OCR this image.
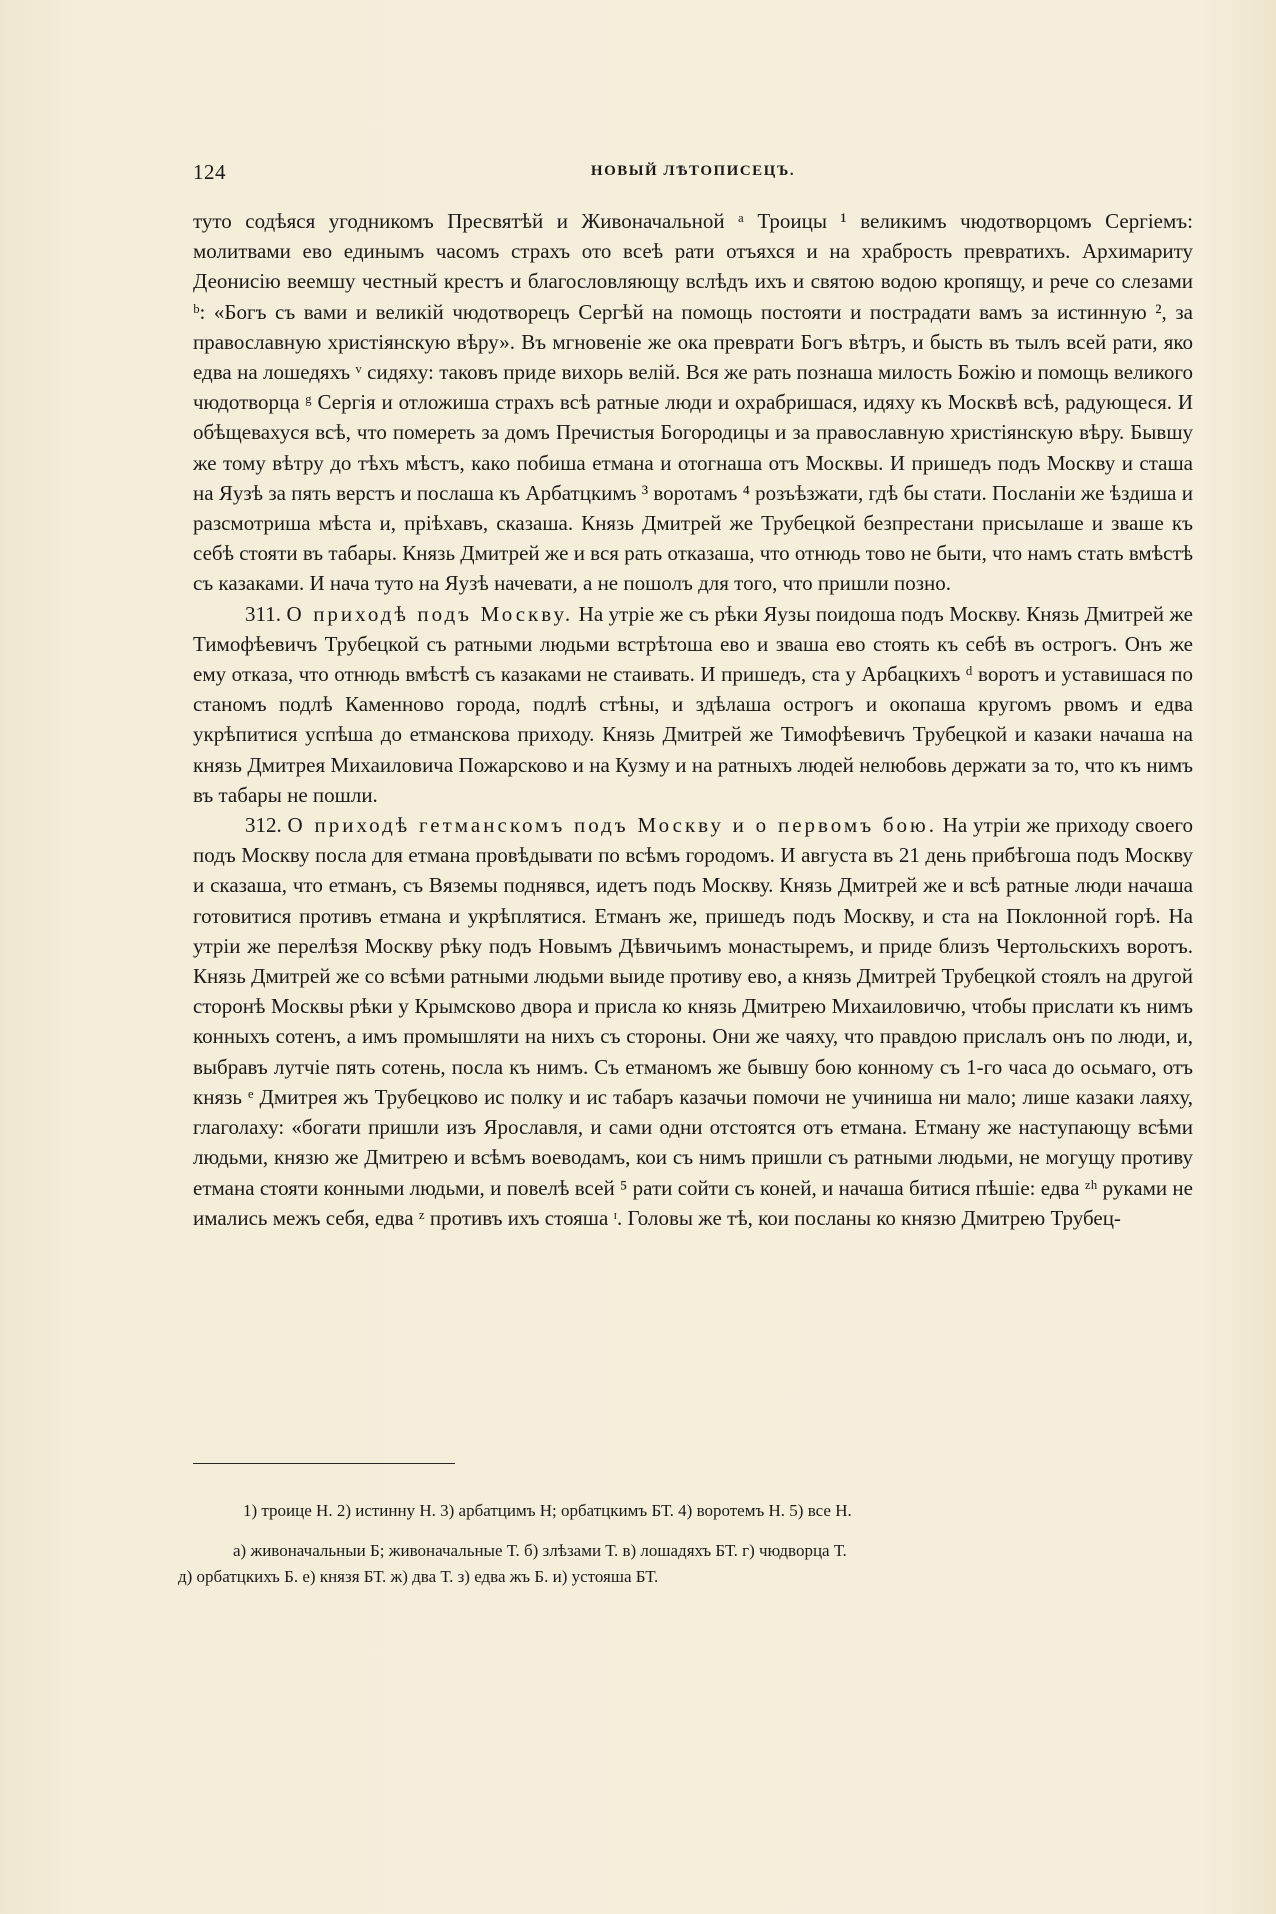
124	НОВЫЙ ЛѢТОПИСЕЦЪ.

туто содѣяся угодникомъ Пресвятѣй и Живоначальной ᵃ Троицы ¹ великимъ чюдотворцомъ Сергіемъ: молитвами ево единымъ часомъ страхъ ото всеѣ рати отъяхся и на храбрость превратихъ. Архимариту Деонисію веемшу честный крестъ и благословляющу вслѣдъ ихъ и святою водою кропящу, и рече со слезами ᵇ: «Богъ съ вами и великій чюдотворецъ Сергѣй на помощь постояти и пострадати вамъ за истинную ², за православную христіянскую вѣру». Въ мгновеніе же ока преврати Богъ вѣтръ, и бысть въ тылъ всей рати, яко едва на лошедяхъ ᵛ сидяху: таковъ приде вихорь велій. Вся же рать познаша милость Божію и помощь великого чюдотворца ᵍ Сергія и отложиша страхъ всѣ ратные люди и охрабришася, идяху къ Москвѣ всѣ, радующеся. И обѣщевахуся всѣ, что помереть за домъ Пречистыя Богородицы и за православную христіянскую вѣру. Бывшу же тому вѣтру до тѣхъ мѣстъ, како побиша етмана и отогнаша отъ Москвы. И пришедъ подъ Москву и сташа на Яузѣ за пять верстъ и послаша къ Арбатцкимъ ³ воротамъ ⁴ розъѣзжати, гдѣ бы стати. Посланіи же ѣздиша и разсмотриша мѣста и, пріѣхавъ, сказаша. Князь Дмитрей же Трубецкой безпрестани присылаше и зваше къ себѣ стояти въ табары. Князь Дмитрей же и вся рать отказаша, что отнюдь тово не быти, что намъ стать вмѣстѣ съ казаками. И нача туто на Яузѣ начевати, а не пошолъ для того, что пришли позно.

311. О приходѣ подъ Москву. На утріе же съ рѣки Яузы поидоша подъ Москву. Князь Дмитрей же Тимофѣевичъ Трубецкой съ ратными людьми встрѣтоша ево и зваша ево стоять къ себѣ въ острогъ. Онъ же ему отказа, что отнюдь вмѣстѣ съ казаками не стаивать. И пришедъ, ста у Арбацкихъ ᵈ воротъ и уставишася по станомъ подлѣ Каменново города, подлѣ стѣны, и здѣлаша острогъ и окопаша кругомъ рвомъ и едва укрѣпитися успѣша до етманскова приходу. Князь Дмитрей же Тимофѣевичъ Трубецкой и казаки начаша на князь Дмитрея Михаиловича Пожарсково и на Кузму и на ратныхъ людей нелюбовь держати за то, что къ нимъ въ табары не пошли.

312. О приходѣ гетманскомъ подъ Москву и о первомъ бою. На утріи же приходу своего подъ Москву посла для етмана провѣдывати по всѣмъ городомъ. И августа въ 21 день прибѣгоша подъ Москву и сказаша, что етманъ, съ Вяземы поднявся, идетъ подъ Москву. Князь Дмитрей же и всѣ ратные люди начаша готовитися противъ етмана и укрѣплятися. Етманъ же, пришедъ подъ Москву, и ста на Поклонной горѣ. На утріи же перелѣзя Москву рѣку подъ Новымъ Дѣвичьимъ монастыремъ, и приде близъ Чертольскихъ воротъ. Князь Дмитрей же со всѣми ратными людьми выиде противу ево, а князь Дмитрей Трубецкой стоялъ на другой сторонѣ Москвы рѣки у Крымсково двора и присла ко князь Дмитрею Михаиловичю, чтобы прислати къ нимъ конныхъ сотенъ, а имъ промышляти на нихъ съ стороны. Они же чаяху, что правдою прислалъ онъ по люди, и, выбравъ лутчіе пять сотень, посла къ нимъ. Съ етманомъ же бывшу бою конному съ 1-го часа до осьмаго, отъ князь ᵉ Дмитрея жъ Трубецково ис полку и ис табаръ казачьи помочи не учиниша ни мало; лише казаки лаяху, глаголаху: «богати пришли изъ Ярославля, и сами одни отстоятся отъ етмана. Етману же наступающу всѣми людьми, князю же Дмитрею и всѣмъ воеводамъ, кои съ нимъ пришли съ ратными людьми, не могущу противу етмана стояти конными людьми, и повелѣ всей ⁵ рати сойти съ коней, и начаша битися пѣшіе: едва ᶻʰ руками не имались межъ себя, едва ᶻ противъ ихъ стояша ᶦ. Головы же тѣ, кои посланы ко князю Дмитрею Трубец-

1) троице Н. 2) истинну Н. 3) арбатцимъ Н; орбатцкимъ БТ. 4) воротемъ Н. 5) все Н.
а) живоначальныи Б; живоначальные Т. б) злѣзами Т. в) лошадяхъ БТ. г) чюдворца Т.
д) орбатцкихъ Б. е) князя БТ. ж) два Т. з) едва жъ Б. и) устояша БТ.
